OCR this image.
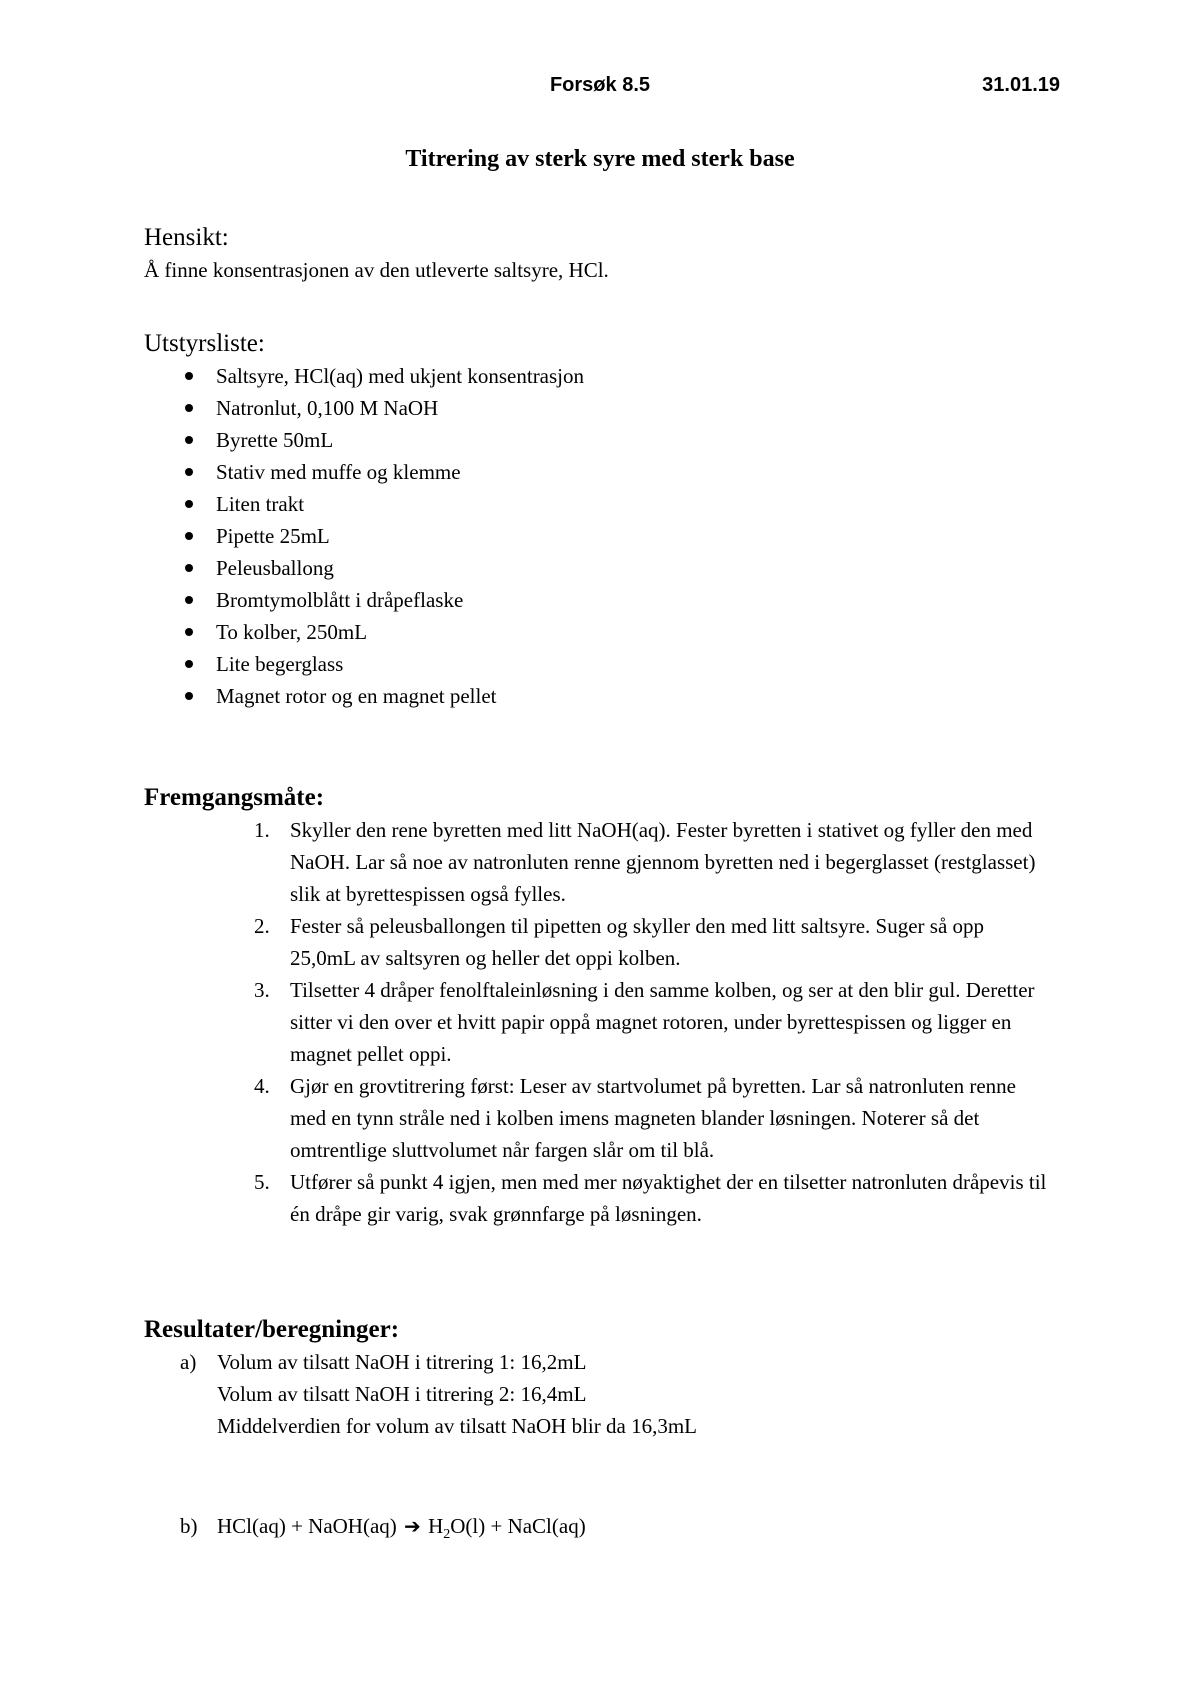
Forsøk 8.5	31.01.19
Titrering av sterk syre med sterk base
Hensikt:

Å finne konsentrasjonen av den utleverte saltsyre, HCl.

Utstyrsliste:
Saltsyre, HCl(aq) med ukjent konsentrasjon
Natronlut, 0,100 M NaOH
Byrette 50mL
Stativ med muffe og klemme
Liten trakt
Pipette 25mL
Peleusballong
Bromtymolblått i dråpeflaske
To kolber, 250mL
Lite begerglass
Magnet rotor og en magnet pellet
Fremgangsmåte:
1. Skyller den rene byretten med litt NaOH(aq). Fester byretten i stativet og fyller den med NaOH. Lar så noe av natronluten renne gjennom byretten ned i begerglasset (restglasset) slik at byrettespissen også fylles.
2. Fester så peleusballongen til pipetten og skyller den med litt saltsyre. Suger så opp 25,0mL av saltsyren og heller det oppi kolben.
3. Tilsetter 4 dråper fenolftaleinløsning i den samme kolben, og ser at den blir gul. Deretter sitter vi den over et hvitt papir oppå magnet rotoren, under byrettespissen og ligger en magnet pellet oppi.
4. Gjør en grovtitrering først: Leser av startvolumet på byretten. Lar så natronluten renne med en tynn stråle ned i kolben imens magneten blander løsningen. Noterer så det omtrentlige sluttvolumet når fargen slår om til blå.
5. Utfører så punkt 4 igjen, men med mer nøyaktighet der en tilsetter natronluten dråpevis til én dråpe gir varig, svak grønnfarge på løsningen.
Resultater/beregninger:
a) Volum av tilsatt NaOH i titrering 1: 16,2mL
Volum av tilsatt NaOH i titrering 2: 16,4mL
Middelverdien for volum av tilsatt NaOH blir da 16,3mL
b) HCl(aq) + NaOH(aq) ➔ $H_2O(l)$ + NaCl(aq)
